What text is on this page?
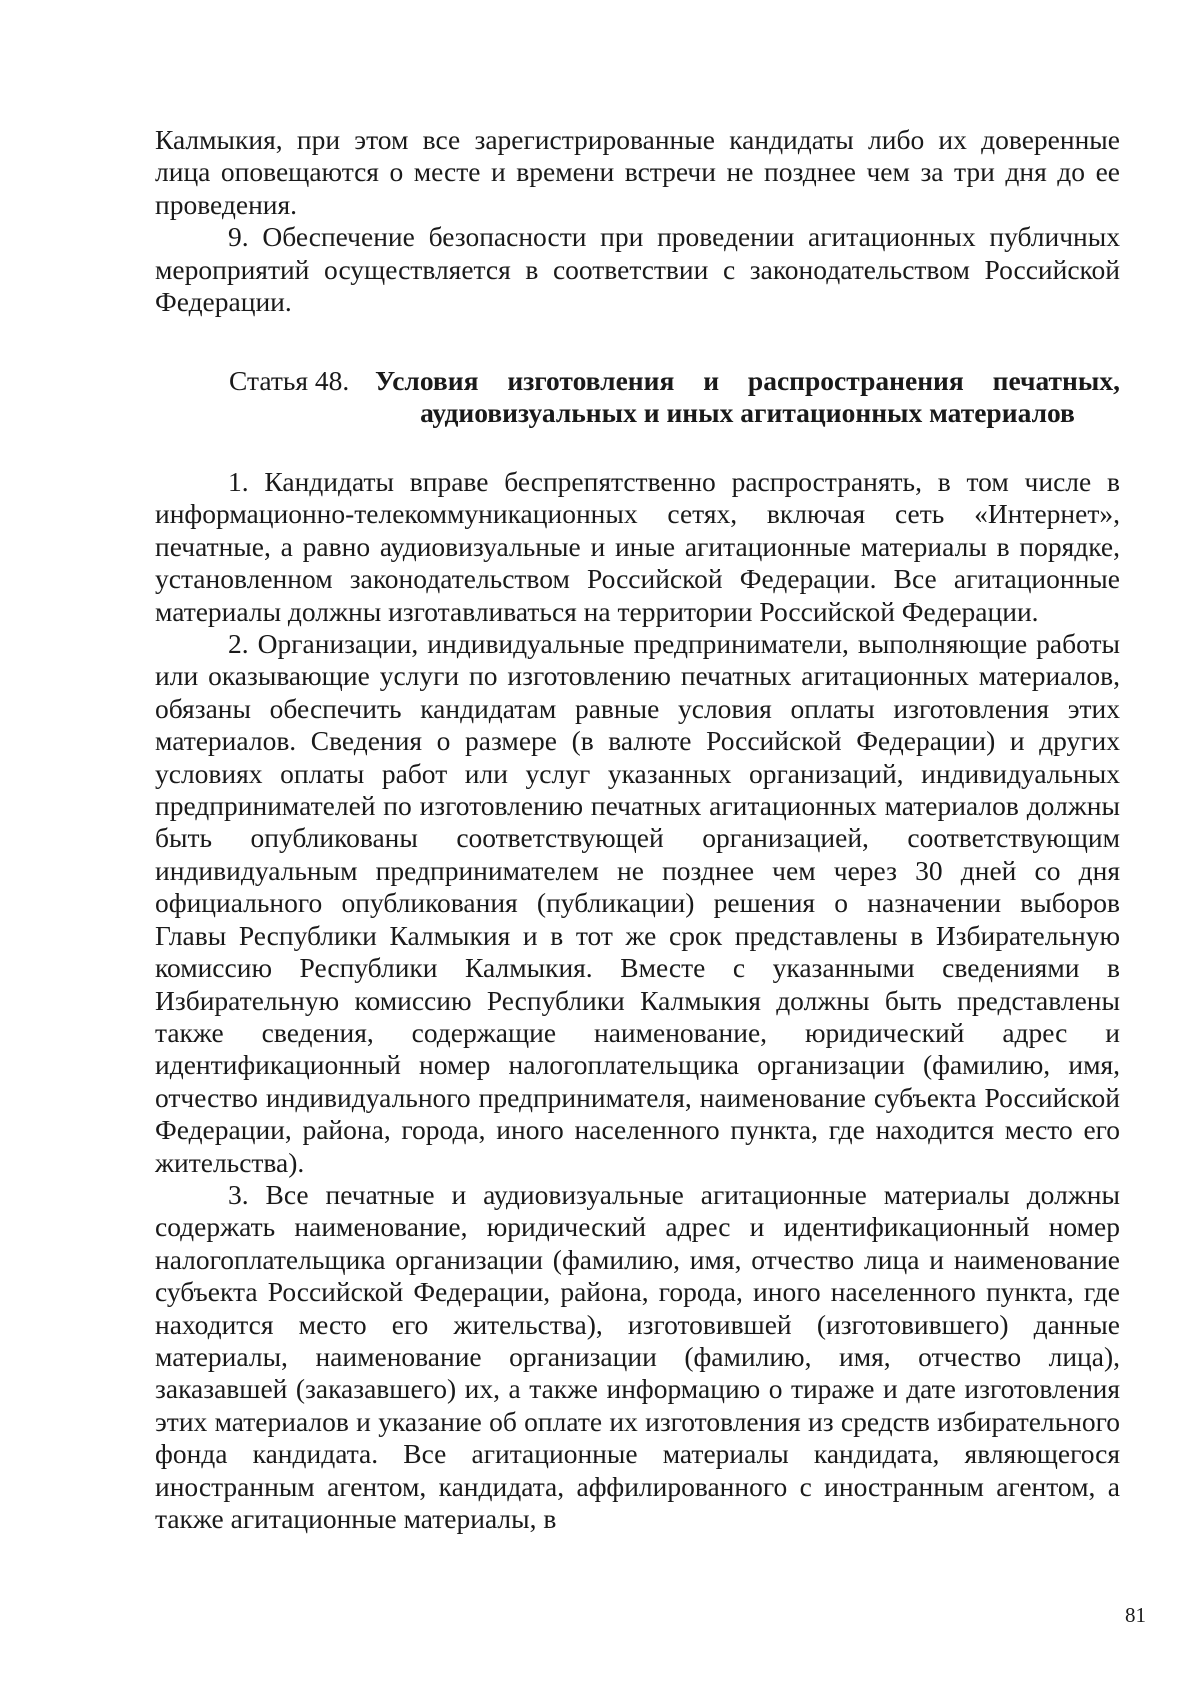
Калмыкия, при этом все зарегистрированные кандидаты либо их доверенные лица оповещаются о месте и времени встречи не позднее чем за три дня до ее проведения.

9. Обеспечение безопасности при проведении агитационных публичных мероприятий осуществляется в соответствии с законодательством Российской Федерации.

Статья 48. Условия изготовления и распространения печатных, аудиовизуальных и иных агитационных материалов

1. Кандидаты вправе беспрепятственно распространять, в том числе в информационно-телекоммуникационных сетях, включая сеть «Интернет», печатные, а равно аудиовизуальные и иные агитационные материалы в порядке, установленном законодательством Российской Федерации. Все агитационные материалы должны изготавливаться на территории Российской Федерации.

2. Организации, индивидуальные предприниматели, выполняющие работы или оказывающие услуги по изготовлению печатных агитационных материалов, обязаны обеспечить кандидатам равные условия оплаты изготовления этих материалов. Сведения о размере (в валюте Российской Федерации) и других условиях оплаты работ или услуг указанных организаций, индивидуальных предпринимателей по изготовлению печатных агитационных материалов должны быть опубликованы соответствующей организацией, соответствующим индивидуальным предпринимателем не позднее чем через 30 дней со дня официального опубликования (публикации) решения о назначении выборов Главы Республики Калмыкия и в тот же срок представлены в Избирательную комиссию Республики Калмыкия. Вместе с указанными сведениями в Избирательную комиссию Республики Калмыкия должны быть представлены также сведения, содержащие наименование, юридический адрес и идентификационный номер налогоплательщика организации (фамилию, имя, отчество индивидуального предпринимателя, наименование субъекта Российской Федерации, района, города, иного населенного пункта, где находится место его жительства).

3. Все печатные и аудиовизуальные агитационные материалы должны содержать наименование, юридический адрес и идентификационный номер налогоплательщика организации (фамилию, имя, отчество лица и наименование субъекта Российской Федерации, района, города, иного населенного пункта, где находится место его жительства), изготовившей (изготовившего) данные материалы, наименование организации (фамилию, имя, отчество лица), заказавшей (заказавшего) их, а также информацию о тираже и дате изготовления этих материалов и указание об оплате их изготовления из средств избирательного фонда кандидата. Все агитационные материалы кандидата, являющегося иностранным агентом, кандидата, аффилированного с иностранным агентом, а также агитационные материалы, в

81
